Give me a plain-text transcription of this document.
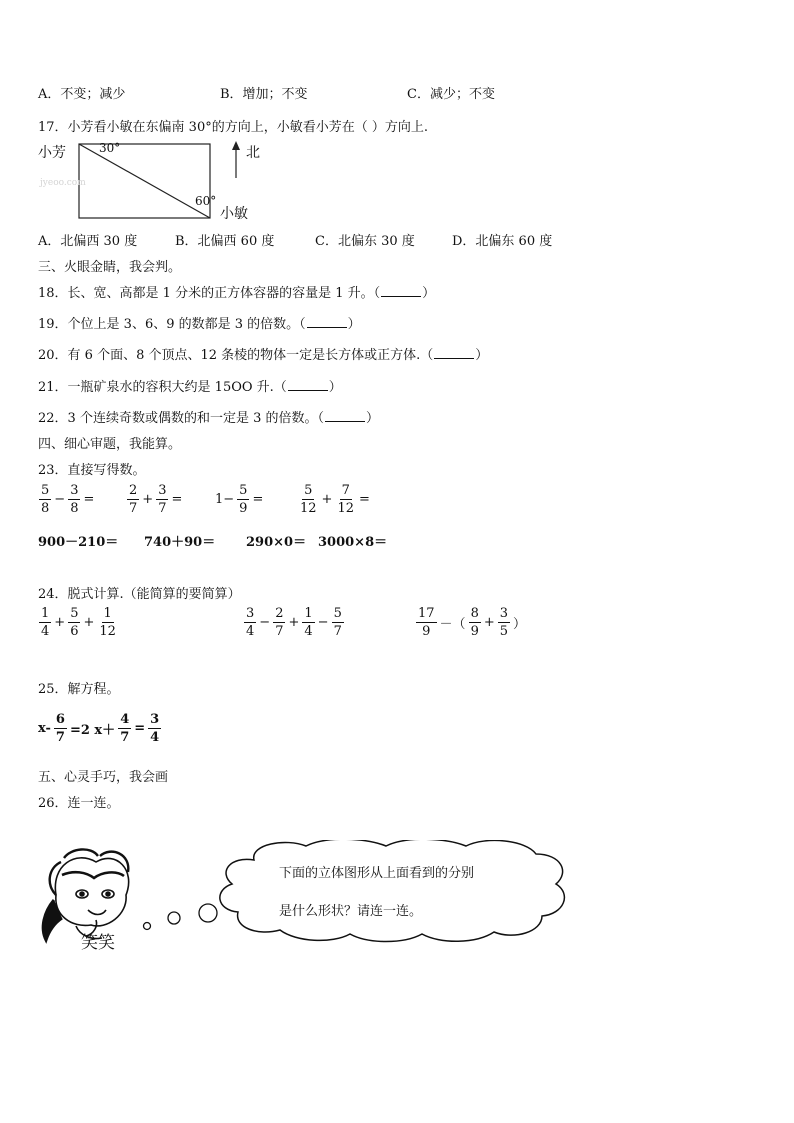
A．不变；减少	B．增加；不变	C．减少；不变
17．小芳看小敏在东偏南 30°的方向上，小敏看小芳在（ ）方向上.
小芳	30°	北
jyeoo.com
60°
小敏
A．北偏西 30 度	B．北偏西 60 度	C．北偏东 30 度	D．北偏东 60 度
三、火眼金睛，我会判。
18．长、宽、高都是 1 分米的正方体容器的容量是 1 升。（	）
19．个位上是 3、6、9 的数都是 3 的倍数。（	）
20．有 6 个面、8 个顶点、12 条棱的物体一定是长方体或正方体.（	）
21．一瓶矿泉水的容积大约是 15OO 升.（	）
22．3 个连续奇数或偶数的和一定是 3 的倍数。（	）
四、细心审题，我能算。
23．直接写得数。
$\frac{5}{8} - \frac{3}{8}$ =	$\frac{2}{7} + \frac{3}{7}$ =	$1- \frac{5}{9}$ =	$\frac{5}{12} + \frac{7}{12}$ =
900－210＝ 740＋90＝ 290×0＝ 3000×8＝
24．脱式计算.（能简算的要简算）
$\frac{1}{4} + \frac{5}{6} + \frac{1}{12}$	$\frac{3}{4} - \frac{2}{7} + \frac{1}{4} - \frac{5}{7}$	$\frac{17}{9}$ －（ $\frac{8}{9} + \frac{3}{5}$ ）
25．解方程。
$x- \frac{6}{7} =2$ $x+ \frac{4}{7} = \frac{3}{4}$
五、心灵手巧，我会画
26．连一连。
笑笑
下面的立体图形从上面看到的分别
是什么形状？请连一连。
